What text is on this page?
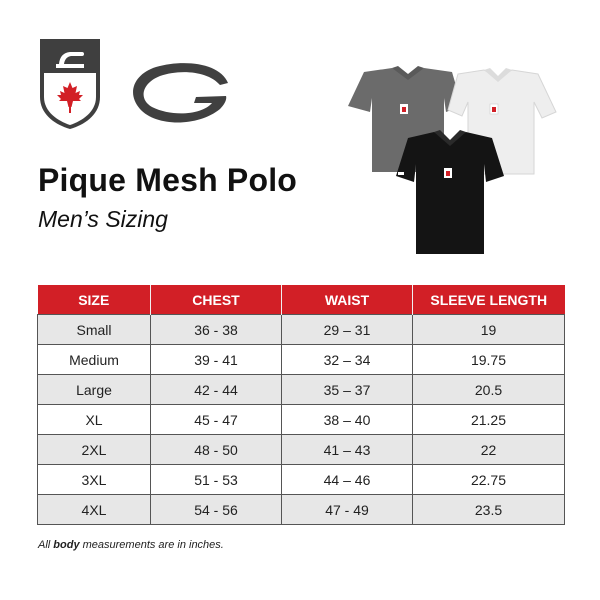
Pique Mesh Polo

Men’s Sizing

SIZE	CHEST	WAIST	SLEEVE LENGTH
Small	36 - 38	29 – 31	19
Medium	39 - 41	32 – 34	19.75
Large	42 - 44	35 – 37	20.5
XL	45 - 47	38 – 40	21.25
2XL	48 - 50	41 – 43	22
3XL	51 - 53	44 – 46	22.75
4XL	54 - 56	47 - 49	23.5

All body measurements are in inches.
